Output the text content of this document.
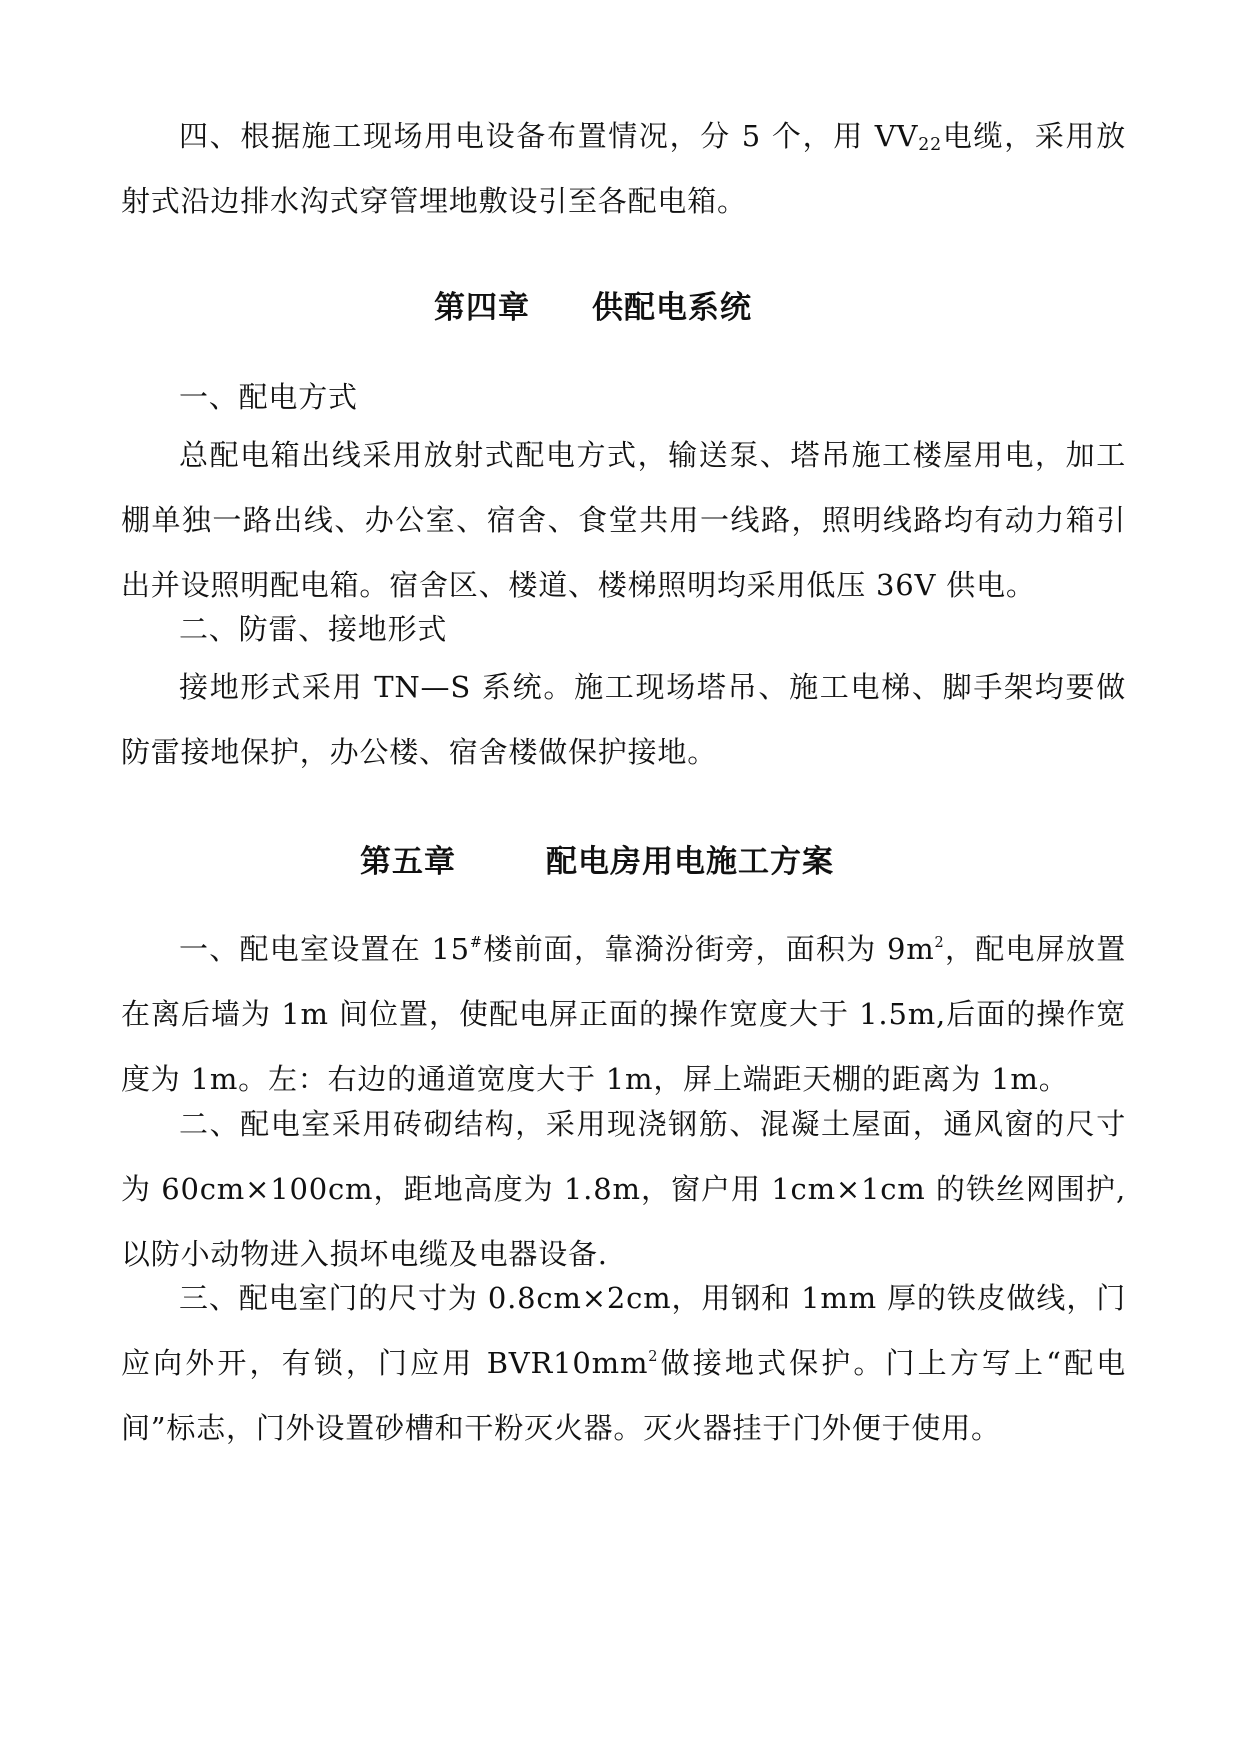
四、根据施工现场用电设备布置情况，分 5 个，用 $VV_{22}$电缆，采用放射式沿边排水沟式穿管埋地敷设引至各配电箱。

第四章 供配电系统

一、配电方式

总配电箱出线采用放射式配电方式，输送泵、塔吊施工楼屋用电，加工棚单独一路出线、办公室、宿舍、食堂共用一线路，照明线路均有动力箱引出并设照明配电箱。宿舍区、楼道、楼梯照明均采用低压 36V 供电。

二、防雷、接地形式

接地形式采用 TN—S 系统。施工现场塔吊、施工电梯、脚手架均要做防雷接地保护，办公楼、宿舍楼做保护接地。

第五章	配电房用电施工方案

一、配电室设置在 15#楼前面，靠漪汾街旁，面积为 $9m^2$，配电屏放置在离后墙为 1m 间位置，使配电屏正面的操作宽度大于 1.5m,后面的操作宽度为 1m。左：右边的通道宽度大于 1m，屏上端距天棚的距离为 1m。

二、配电室采用砖砌结构，采用现浇钢筋、混凝土屋面，通风窗的尺寸为 60cm×100cm，距地高度为 1.8m，窗户用 1cm×1cm 的铁丝网围护, 以防小动物进入损坏电缆及电器设备.

三、配电室门的尺寸为 0.8cm×2cm，用钢和 1mm 厚的铁皮做线，门应向外开，有锁，门应用 $BVR10mm^2$做接地式保护。门上方写上“配电间”标志，门外设置砂槽和干粉灭火器。灭火器挂于门外便于使用。
